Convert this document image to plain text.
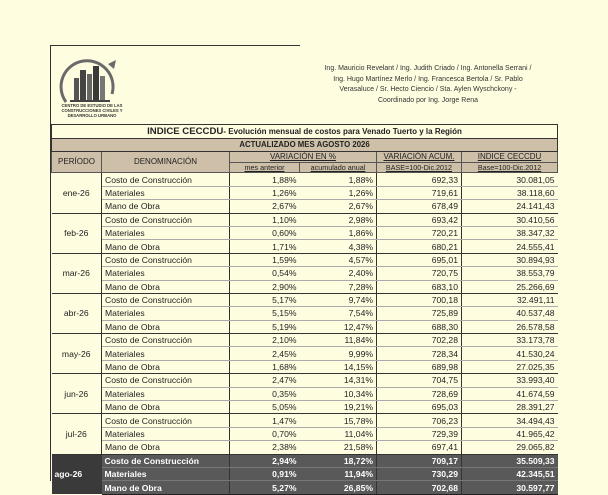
CENTRO DE ESTUDIO DE LAS CONSTRUCCIONES CIVILES Y DESARROLLO URBANO
Ing. Mauricio Revelant / Ing. Judith Criado / Ing. Antonella Serrani /
Ing. Hugo Martínez Merlo / Ing. Francesca Bertola / Sr. Pablo
Verasaluce / Sr. Hecto Ciencio / Sta. Aylen Wyschckony -
Coordinado por Ing. Jorge Rena
INDICE CECCDU- Evolución mensual de costos para Venado Tuerto y la Región					
ACTUALIZADO MES AGOSTO 2026					
PERÍODO	DENOMINACIÓN	VARIACIÓN EN %		VARIACIÓN ACUM.	INDICE CECCDU
		mes anterior	acumulado anual	BASE=100-Dic.2012	Base=100-Dic.2012
ene-26	Costo de Construcción	1,88%	1,88%	692,33	30.081,05
	Materiales	1,26%	1,26%	719,61	38.118,60
	Mano de Obra	2,67%	2,67%	678,49	24.141,43
feb-26	Costo de Construcción	1,10%	2,98%	693,42	30.410,56
	Materiales	0,60%	1,86%	720,21	38.347,32
	Mano de Obra	1,71%	4,38%	680,21	24.555,41
mar-26	Costo de Construcción	1,59%	4,57%	695,01	30.894,93
	Materiales	0,54%	2,40%	720,75	38.553,79
	Mano de Obra	2,90%	7,28%	683,10	25.266,69
abr-26	Costo de Construcción	5,17%	9,74%	700,18	32.491,11
	Materiales	5,15%	7,54%	725,89	40.537,48
	Mano de Obra	5,19%	12,47%	688,30	26.578,58
may-26	Costo de Construcción	2,10%	11,84%	702,28	33.173,78
	Materiales	2,45%	9,99%	728,34	41.530,24
	Mano de Obra	1,68%	14,15%	689,98	27.025,35
jun-26	Costo de Construcción	2,47%	14,31%	704,75	33.993,40
	Materiales	0,35%	10,34%	728,69	41.674,59
	Mano de Obra	5,05%	19,21%	695,03	28.391,27
jul-26	Costo de Construcción	1,47%	15,78%	706,23	34.494,43
	Materiales	0,70%	11,04%	729,39	41.965,42
	Mano de Obra	2,38%	21,58%	697,41	29.065,82
ago-26	Costo de Construcción	2,94%	18,72%	709,17	35.509,33
	Materiales	0,91%	11,94%	730,29	42.345,51
	Mano de Obra	5,27%	26,85%	702,68	30.597,77
